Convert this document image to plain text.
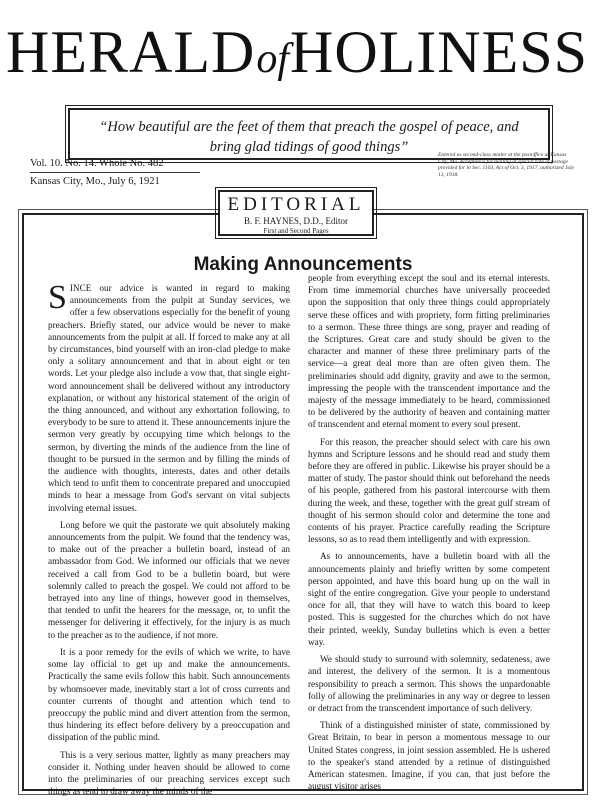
HERALDofHOLINESS
“How beautiful are the feet of them that preach the gospel of peace, and
bring glad tidings of good things”
Vol. 10. No. 14. Whole No. 482
Kansas City, Mo., July 6, 1921
Entered as second-class matter at the postoffice at Kansas City, Mo. Acceptance for mailing at special rate of postage provided for in Sec. 1103, Act of Oct. 3, 1917, authorized July 13, 1918.
EDITORIAL
B. F. HAYNES, D.D., Editor
First and Second Pages
Making Announcements

SINCE our advice is wanted in regard to making announcements from the pulpit at Sunday services, we offer a few observations especially for the benefit of young preachers. Briefly stated, our advice would be never to make announcements from the pulpit at all. If forced to make any at all by circumstances, bind yourself with an iron-clad pledge to make only a solitary announcement and that in about eight or ten words. Let your pledge also include a vow that, that single eight-word announcement shall be delivered without any introductory explanation, or without any historical statement of the origin of the thing announced, and without any exhortation following, to everybody to be sure to attend it. These announcements injure the sermon very greatly by occupying time which belongs to the sermon, by diverting the minds of the audience from the line of thought to be pursued in the sermon and by filling the minds of the audience with thoughts, interests, dates and other details which tend to unfit them to concentrate prepared and unoccupied minds to hear a message from God's servant on vital subjects involving eternal issues.

Long before we quit the pastorate we quit absolutely making announcements from the pulpit. We found that the tendency was, to make out of the preacher a bulletin board, instead of an ambassador from God. We informed our officials that we never received a call from God to be a bulletin board, but were solemnly called to preach the gospel. We could not afford to be betrayed into any line of things, however good in themselves, that tended to unfit the hearers for the message, or, to unfit the messenger for delivering it effectively, for the injury is as much to the preacher as to the audience, if not more.

It is a poor remedy for the evils of which we write, to have some lay official to get up and make the announcements. Practically the same evils follow this habit. Such announcements by whomsoever made, inevitably start a lot of cross currents and counter currents of thought and attention which tend to preoccupy the public mind and divert attention from the sermon, thus hindering its effect before delivery by a preoccupation and dissipation of the public mind.

This is a very serious matter, lightly as many preachers may consider it. Nothing under heaven should be allowed to come into the preliminaries of our preaching services except such things as tend to draw away the minds of the

people from everything except the soul and its eternal interests. From time immemorial churches have universally proceeded upon the supposition that only three things could appropriately serve these offices and with propriety, form fitting preliminaries to a sermon. These three things are song, prayer and reading of the Scriptures. Great care and study should be given to the character and manner of these three preliminary parts of the service—a great deal more than are often given them. The preliminaries should add dignity, gravity and awe to the sermon, impressing the people with the transcendent importance and the majesty of the message immediately to be heard, commissioned to be delivered by the authority of heaven and containing matter of transcendent and eternal moment to every soul present.

For this reason, the preacher should select with care his own hymns and Scripture lessons and he should read and study them before they are offered in public. Likewise his prayer should be a matter of study. The pastor should think out beforehand the needs of his people, gathered from his pastoral intercourse with them during the week, and these, together with the great gulf stream of thought of his sermon should color and determine the tone and contents of his prayer. Practice carefully reading the Scripture lessons, so as to read them intelligently and with expression.

As to announcements, have a bulletin board with all the announcements plainly and briefly written by some competent person appointed, and have this board hung up on the wall in sight of the entire congregation. Give your people to understand once for all, that they will have to watch this board to keep posted. This is suggested for the churches which do not have their printed, weekly, Sunday bulletins which is even a better way.

We should study to surround with solemnity, sedateness, awe and interest, the delivery of the sermon. It is a momentous responsibility to preach a sermon. This shows the unpardonable folly of allowing the preliminaries in any way or degree to lessen or detract from the transcendent importance of such delivery.

Think of a distinguished minister of state, commissioned by Great Britain, to bear in person a momentous message to our United States congress, in joint session assembled. He is ushered to the speaker's stand attended by a retinue of distinguished American statesmen. Imagine, if you can, that just before the august visitor arises
